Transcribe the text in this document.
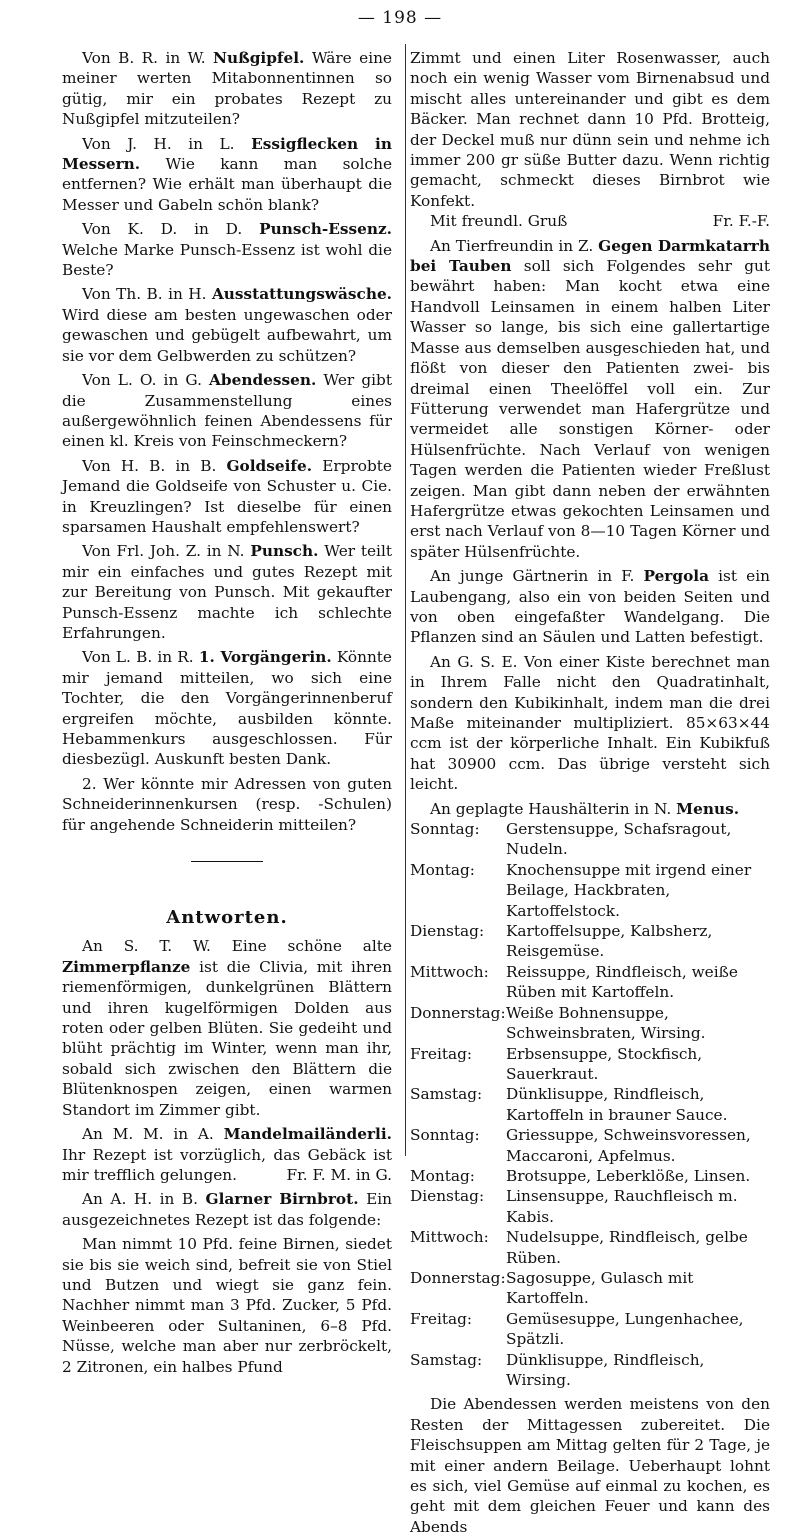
— 198 —

Von B. R. in W. Nußgipfel. Wäre eine meiner werten Mitabonnentinnen so gütig, mir ein probates Rezept zu Nußgipfel mitzuteilen?

Von J. H. in L. Essigflecken in Messern. Wie kann man solche entfernen? Wie erhält man überhaupt die Messer und Gabeln schön blank?

Von K. D. in D. Punsch-Essenz. Welche Marke Punsch-Essenz ist wohl die Beste?

Von Th. B. in H. Ausstattungswäsche. Wird diese am besten ungewaschen oder gewaschen und gebügelt aufbewahrt, um sie vor dem Gelbwerden zu schützen?

Von L. O. in G. Abendessen. Wer gibt die Zusammenstellung eines außergewöhnlich feinen Abendessens für einen kl. Kreis von Feinschmeckern?

Von H. B. in B. Goldseife. Erprobte Jemand die Goldseife von Schuster u. Cie. in Kreuzlingen? Ist dieselbe für einen sparsamen Haushalt empfehlenswert?

Von Frl. Joh. Z. in N. Punsch. Wer teilt mir ein einfaches und gutes Rezept mit zur Bereitung von Punsch. Mit gekaufter Punsch-Essenz machte ich schlechte Erfahrungen.

Von L. B. in R. 1. Vorgängerin. Könnte mir jemand mitteilen, wo sich eine Tochter, die den Vorgängerinnenberuf ergreifen möchte, ausbilden könnte. Hebammenkurs ausgeschlossen. Für diesbezügl. Auskunft besten Dank.

2. Wer könnte mir Adressen von guten Schneiderinnenkursen (resp. -Schulen) für angehende Schneiderin mitteilen?

Antworten.

An S. T. W. Eine schöne alte Zimmerpflanze ist die Clivia, mit ihren riemenförmigen, dunkelgrünen Blättern und ihren kugelförmigen Dolden aus roten oder gelben Blüten. Sie gedeiht und blüht prächtig im Winter, wenn man ihr, sobald sich zwischen den Blättern die Blütenknospen zeigen, einen warmen Standort im Zimmer gibt.

An M. M. in A. Mandelmailänderli. Ihr Rezept ist vorzüglich, das Gebäck ist mir trefflich gelungen.	Fr. F. M. in G.

An A. H. in B. Glarner Birnbrot. Ein ausgezeichnetes Rezept ist das folgende:

Man nimmt 10 Pfd. feine Birnen, siedet sie bis sie weich sind, befreit sie von Stiel und Butzen und wiegt sie ganz fein. Nachher nimmt man 3 Pfd. Zucker, 5 Pfd. Weinbeeren oder Sultaninen, 6–8 Pfd. Nüsse, welche man aber nur zerbröckelt, 2 Zitronen, ein halbes Pfund

Zimmt und einen Liter Rosenwasser, auch noch ein wenig Wasser vom Birnenabsud und mischt alles untereinander und gibt es dem Bäcker. Man rechnet dann 10 Pfd. Brotteig, der Deckel muß nur dünn sein und nehme ich immer 200 gr süße Butter dazu. Wenn richtig gemacht, schmeckt dieses Birnbrot wie Konfekt.

Mit freundl. Gruß	Fr. F.-F.

An Tierfreundin in Z. Gegen Darmkatarrh bei Tauben soll sich Folgendes sehr gut bewährt haben: Man kocht etwa eine Handvoll Leinsamen in einem halben Liter Wasser so lange, bis sich eine gallertartige Masse aus demselben ausgeschieden hat, und flößt von dieser den Patienten zwei- bis dreimal einen Theelöffel voll ein. Zur Fütterung verwendet man Hafergrütze und vermeidet alle sonstigen Körner- oder Hülsenfrüchte. Nach Verlauf von wenigen Tagen werden die Patienten wieder Freßlust zeigen. Man gibt dann neben der erwähnten Hafergrütze etwas gekochten Leinsamen und erst nach Verlauf von 8—10 Tagen Körner und später Hülsenfrüchte.

An junge Gärtnerin in F. Pergola ist ein Laubengang, also ein von beiden Seiten und von oben eingefaßter Wandelgang. Die Pflanzen sind an Säulen und Latten befestigt.

An G. S. E. Von einer Kiste berechnet man in Ihrem Falle nicht den Quadratinhalt, sondern den Kubikinhalt, indem man die drei Maße miteinander multipliziert. 85×63×44 ccm ist der körperliche Inhalt. Ein Kubikfuß hat 30900 ccm. Das übrige versteht sich leicht.

An geplagte Haushälterin in N. Menus.

Sonntag:	Gerstensuppe, Schafsragout, Nudeln.
Montag:	Knochensuppe mit irgend einer Beilage, Hackbraten, Kartoffelstock.
Dienstag:	Kartoffelsuppe, Kalbsherz, Reisgemüse.
Mittwoch:	Reissuppe, Rindfleisch, weiße Rüben mit Kartoffeln.
Donnerstag: Weiße Bohnensuppe, Schweinsbraten, Wirsing.
Freitag:	Erbsensuppe, Stockfisch, Sauerkraut.
Samstag:	Dünklisuppe, Rindfleisch, Kartoffeln in brauner Sauce.
Sonntag:	Griessuppe, Schweinsvoressen, Maccaroni, Apfelmus.
Montag:	Brotsuppe, Leberklöße, Linsen.
Dienstag:	Linsensuppe, Rauchfleisch m. Kabis.
Mittwoch:	Nudelsuppe, Rindfleisch, gelbe Rüben.
Donnerstag: Sagosuppe, Gulasch mit Kartoffeln.
Freitag:	Gemüsesuppe, Lungenhachee, Spätzli.
Samstag:	Dünklisuppe, Rindfleisch, Wirsing.

Die Abendessen werden meistens von den Resten der Mittagessen zubereitet. Die Fleischsuppen am Mittag gelten für 2 Tage, je mit einer andern Beilage. Ueberhaupt lohnt es sich, viel Gemüse auf einmal zu kochen, es geht mit dem gleichen Feuer und kann des Abends
